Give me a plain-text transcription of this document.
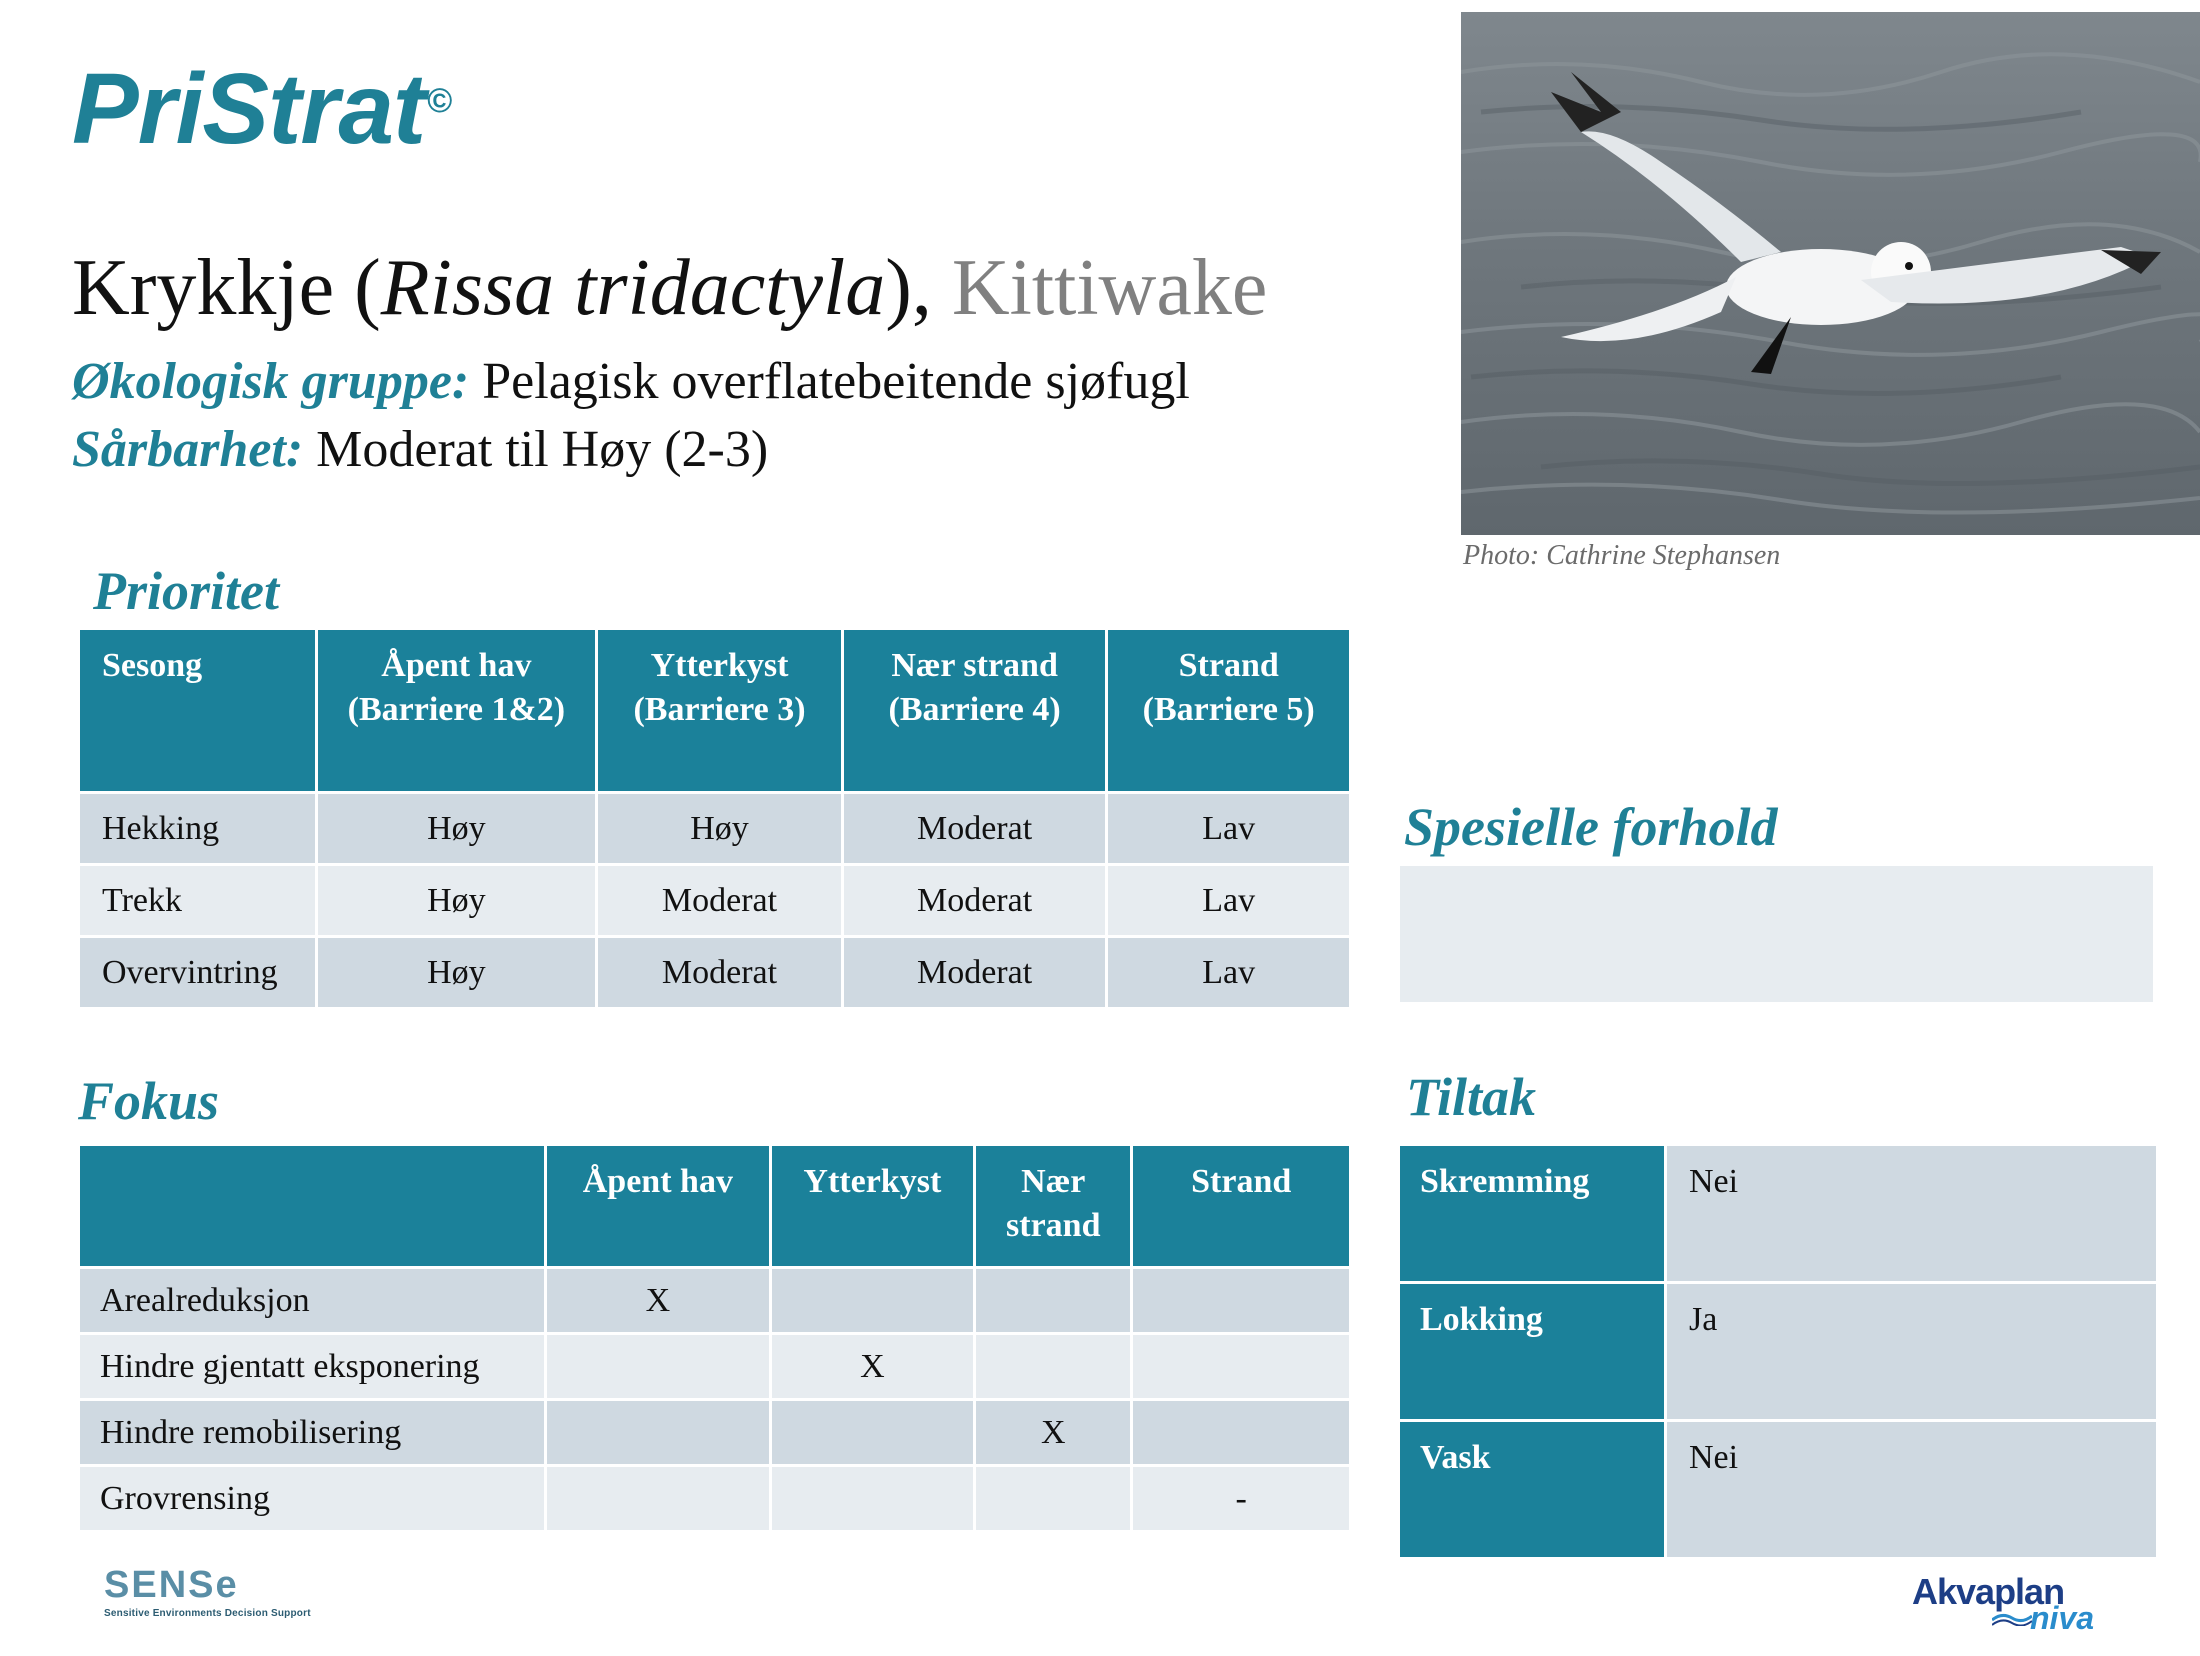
PriStrat©
Krykkje (Rissa tridactyla), Kittiwake
Økologisk gruppe: Pelagisk overflatebeitende sjøfugl
Sårbarhet: Moderat til Høy (2-3)
Photo: Cathrine Stephansen
Prioritet
Sesong	Åpent hav (Barriere 1&2)	Ytterkyst (Barriere 3)	Nær strand (Barriere 4)	Strand (Barriere 5)
Hekking	Høy	Høy	Moderat	Lav
Trekk	Høy	Moderat	Moderat	Lav
Overvintring	Høy	Moderat	Moderat	Lav
Spesielle forhold
Fokus
	Åpent hav	Ytterkyst	Nær strand	Strand
Arealreduksjon	X			
Hindre gjentatt eksponering		X		
Hindre remobilisering			X	
Grovrensing				-
Tiltak
Skremming	Nei
Lokking	Ja
Vask	Nei
SENSe
Sensitive Environments Decision Support
Akvaplan
niva
